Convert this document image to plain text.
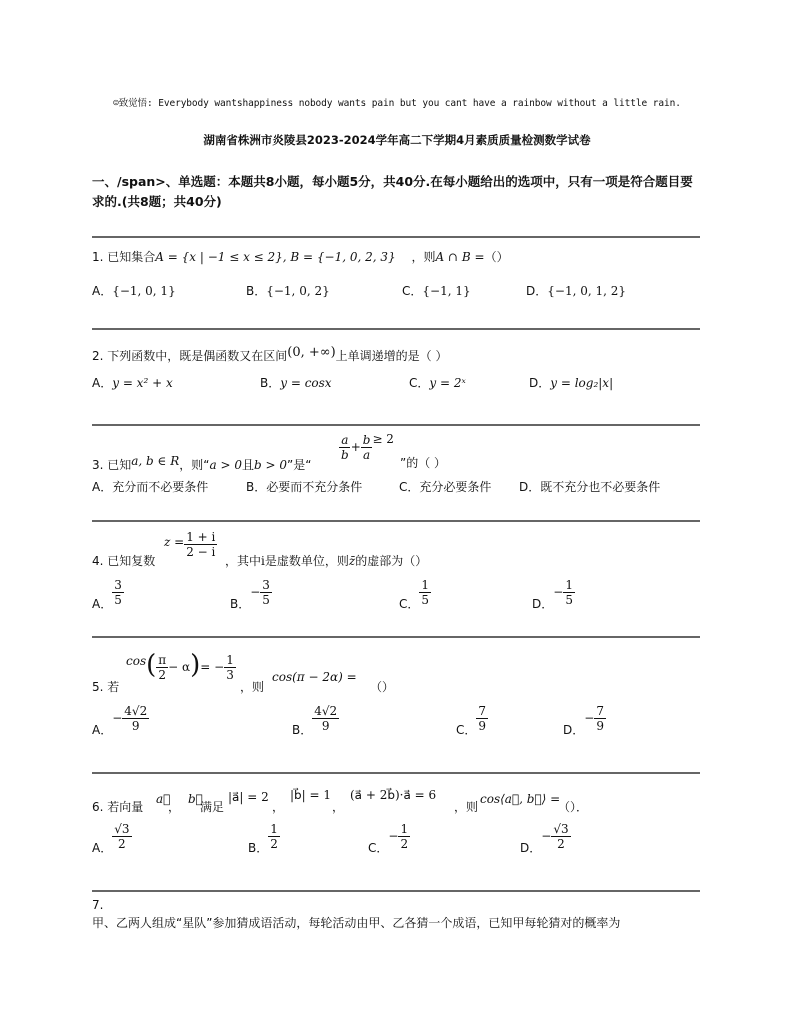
☺致觉悟: Everybody wantshappiness nobody wants pain but you cant have a rainbow without a little rain.
湖南省株洲市炎陵县2023-2024学年高二下学期4月素质质量检测数学试卷
一、/span>、单选题：本题共8小题，每小题5分，共40分.在每小题给出的选项中，只有一项是符合题目要求的.(共8题；共40分)
1. 已知集合A = {x | −1 ≤ x ≤ 2}, B = {−1, 0, 2, 3} ，则A ∩ B =（）
A．{−1, 0, 1}	B．{−1, 0, 2}	C．{−1, 1}	D．{−1, 0, 1, 2}
2. 下列函数中，既是偶函数又在区间(0, +∞)上单调递增的是（ ）
A．y = x² + x	B．y = cosx	C．y = 2ˣ	D．y = log₂|x|
3. 已知a, b ∈ R，则“a > 0且b > 0”是“
$\frac{a}{b} + \frac{b}{a} \ge 2$
”的（ ）
A．充分而不必要条件	B．必要而不充分条件	C．充分必要条件 D．既不充分也不必要条件
4. 已知复数
$z = \frac{1 + i}{2 - i}$
，其中i是虚数单位，则z̄的虚部为（）
A． $\frac{3}{5}$	B．− $\frac{3}{5}$	C． $\frac{1}{5}$	D．− $\frac{1}{5}$
5. 若
$\cos( \frac{\pi}{2} - \alpha)= - \frac{1}{3}$
，则
cos(π − 2α) =
（）
A．− $\frac{4√2}{9}$	B． $\frac{4√2}{9}$	C． $\frac{7}{9}$	D．− $\frac{7}{9}$
6. 若向量
a⃗
，
b⃗
满足
|a⃗| = 2
，
|b⃗| = 1
，
(a⃗ + 2b⃗)·a⃗ = 6
，则
cos⟨a⃗, b⃗⟩ =
（）．
A． $\frac{√3}{2}$	B． $\frac{1}{2}$	C．− $\frac{1}{2}$	D．− $\frac{√3}{2}$
7.
甲、乙两人组成“星队”参加猜成语活动，每轮活动由甲、乙各猜一个成语，已知甲每轮猜对的概率为
